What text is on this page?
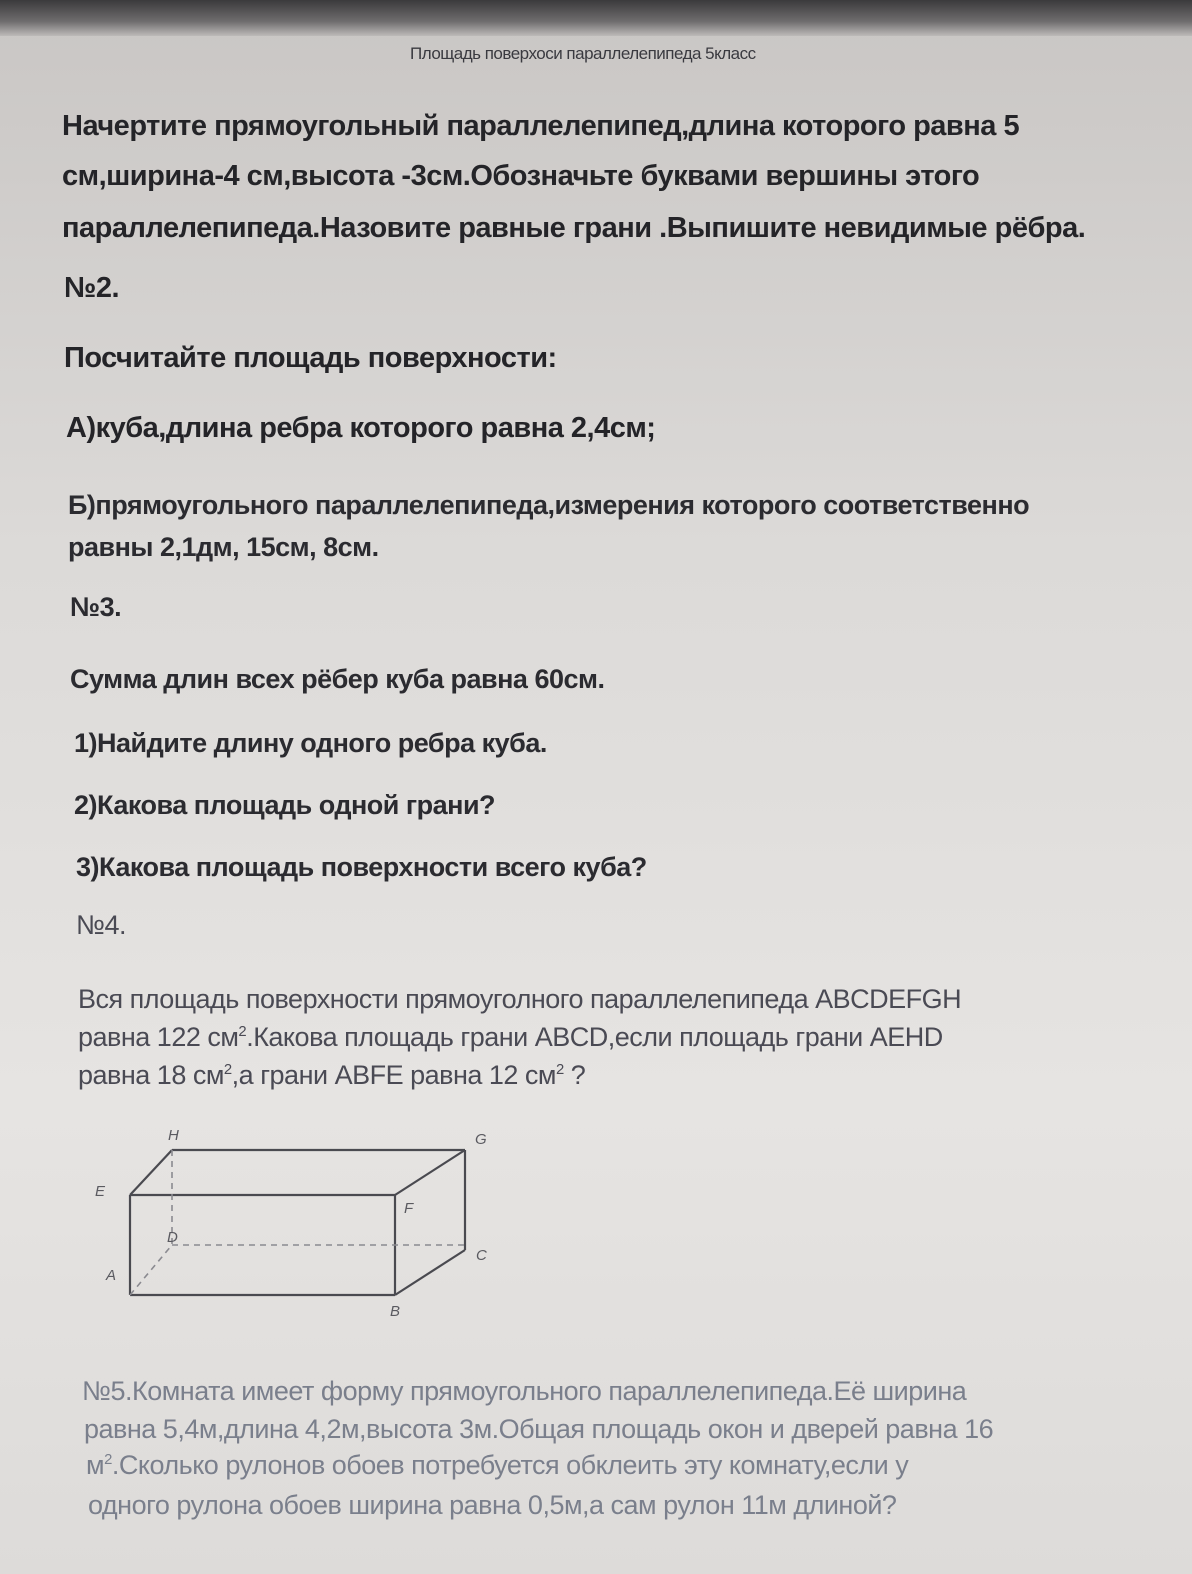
Площадь поверхоси параллелепипеда 5класс
Начертите прямоугольный параллелепипед,длина которого равна 5
см,ширина-4 см,высота -3см.Обозначьте буквами вершины этого
параллелепипеда.Назовите равные грани .Выпишите невидимые рёбра.
№2.
Посчитайте площадь поверхности:
А)куба,длина ребра которого равна 2,4см;
Б)прямоугольного параллелепипеда,измерения которого соответственно
равны 2,1дм, 15см, 8см.
№3.
Сумма длин всех рёбер куба равна 60см.
1)Найдите длину одного ребра куба.
2)Какова площадь одной грани?
3)Какова площадь поверхности всего куба?
№4.
Вся площадь поверхности прямоуголного параллелепипеда ABCDEFGH
равна 122 $см^2.Какова$ площадь грани ABCD,если площадь грани AEHD
равна 18 $см^2,а$ грани ABFE равна 12 $см^2$ ?
H	G
E
F
D
C
A
B
№5.Комната имеет форму прямоугольного параллелепипеда.Её ширина
равна 5,4м,длина 4,2м,высота 3м.Общая площадь окон и дверей равна 16
$м^2.Сколько$ рулонов обоев потребуется обклеить эту комнату,если у
одного рулона обоев ширина равна 0,5м,а сам рулон 11м длиной?
